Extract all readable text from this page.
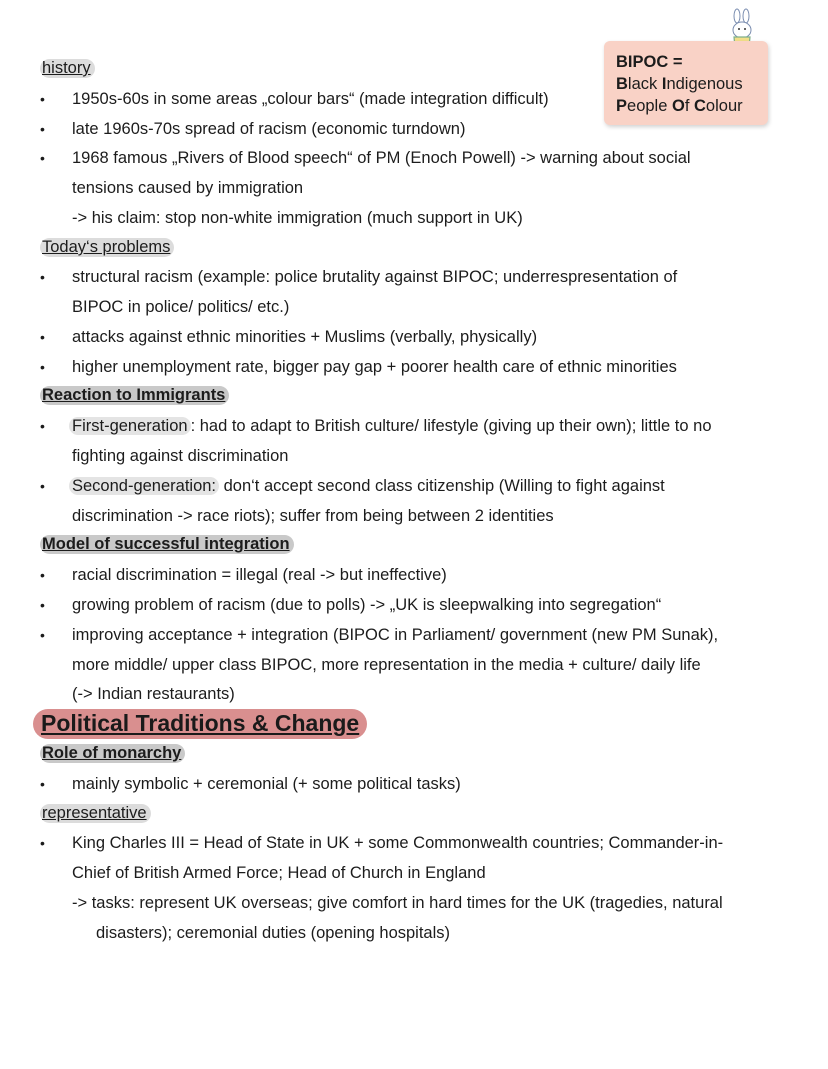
BIPOC =
Black Indigenous
People Of Colour
history
• 1950s-60s in some areas „colour bars“ (made integration difficult)
• late 1960s-70s spread of racism (economic turndown)
• 1968 famous „Rivers of Blood speech“ of PM (Enoch Powell) -> warning about social
tensions caused by immigration
-> his claim: stop non-white immigration (much support in UK)
Today‘s problems
• structural racism (example: police brutality against BIPOC; underrespresentation of
BIPOC in police/ politics/ etc.)
• attacks against ethnic minorities + Muslims (verbally, physically)
• higher unemployment rate, bigger pay gap + poorer health care of ethnic minorities
Reaction to Immigrants
• First-generation : had to adapt to British culture/ lifestyle (giving up their own); little to no
fighting against discrimination
• Second-generation: don‘t accept second class citizenship (Willing to fight against
discrimination -> race riots); suffer from being between 2 identities
Model of successful integration
• racial discrimination = illegal (real -> but ineffective)
• growing problem of racism (due to polls) -> „UK is sleepwalking into segregation“
• improving acceptance + integration (BIPOC in Parliament/ government (new PM Sunak),
more middle/ upper class BIPOC, more representation in the media + culture/ daily life
(-> Indian restaurants)
Political Traditions & Change
Role of monarchy
• mainly symbolic + ceremonial (+ some political tasks)
representative
• King Charles III = Head of State in UK + some Commonwealth countries; Commander-in-
Chief of British Armed Force; Head of Church in England
-> tasks: represent UK overseas; give comfort in hard times for the UK (tragedies, natural
disasters); ceremonial duties (opening hospitals)
